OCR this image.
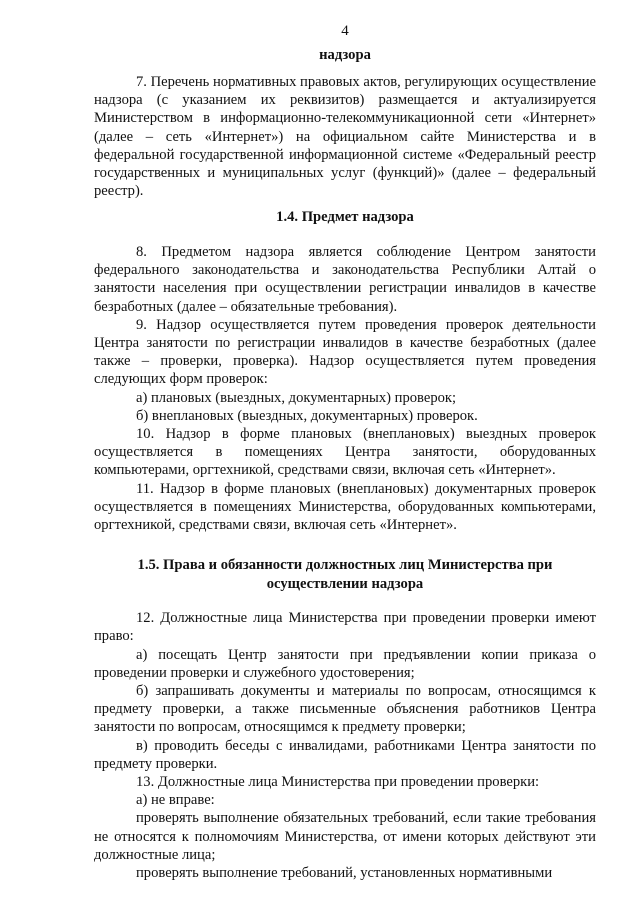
4
надзора

7. Перечень нормативных правовых актов, регулирующих осуществление надзора (с указанием их реквизитов) размещается и актуализируется Министерством в информационно-телекоммуникационной сети «Интернет» (далее – сеть «Интернет») на официальном сайте Министерства и в федеральной государственной информационной системе «Федеральный реестр государственных и муниципальных услуг (функций)» (далее – федеральный реестр).

1.4. Предмет надзора

8. Предметом надзора является соблюдение Центром занятости федерального законодательства и законодательства Республики Алтай о занятости населения при осуществлении регистрации инвалидов в качестве безработных (далее – обязательные требования).

9. Надзор осуществляется путем проведения проверок деятельности Центра занятости по регистрации инвалидов в качестве безработных (далее также – проверки, проверка). Надзор осуществляется путем проведения следующих форм проверок:

а) плановых (выездных, документарных) проверок;

б) внеплановых (выездных, документарных) проверок.

10. Надзор в форме плановых (внеплановых) выездных проверок осуществляется в помещениях Центра занятости, оборудованных компьютерами, оргтехникой, средствами связи, включая сеть «Интернет».

11. Надзор в форме плановых (внеплановых) документарных проверок осуществляется в помещениях Министерства, оборудованных компьютерами, оргтехникой, средствами связи, включая сеть «Интернет».

1.5. Права и обязанности должностных лиц Министерства при
осуществлении надзора

12. Должностные лица Министерства при проведении проверки имеют право:

а) посещать Центр занятости при предъявлении копии приказа о проведении проверки и служебного удостоверения;

б) запрашивать документы и материалы по вопросам, относящимся к предмету проверки, а также письменные объяснения работников Центра занятости по вопросам, относящимся к предмету проверки;

в) проводить беседы с инвалидами, работниками Центра занятости по предмету проверки.

13. Должностные лица Министерства при проведении проверки:

а) не вправе:

проверять выполнение обязательных требований, если такие требования не относятся к полномочиям Министерства, от имени которых действуют эти должностные лица;

проверять выполнение требований, установленных нормативными
